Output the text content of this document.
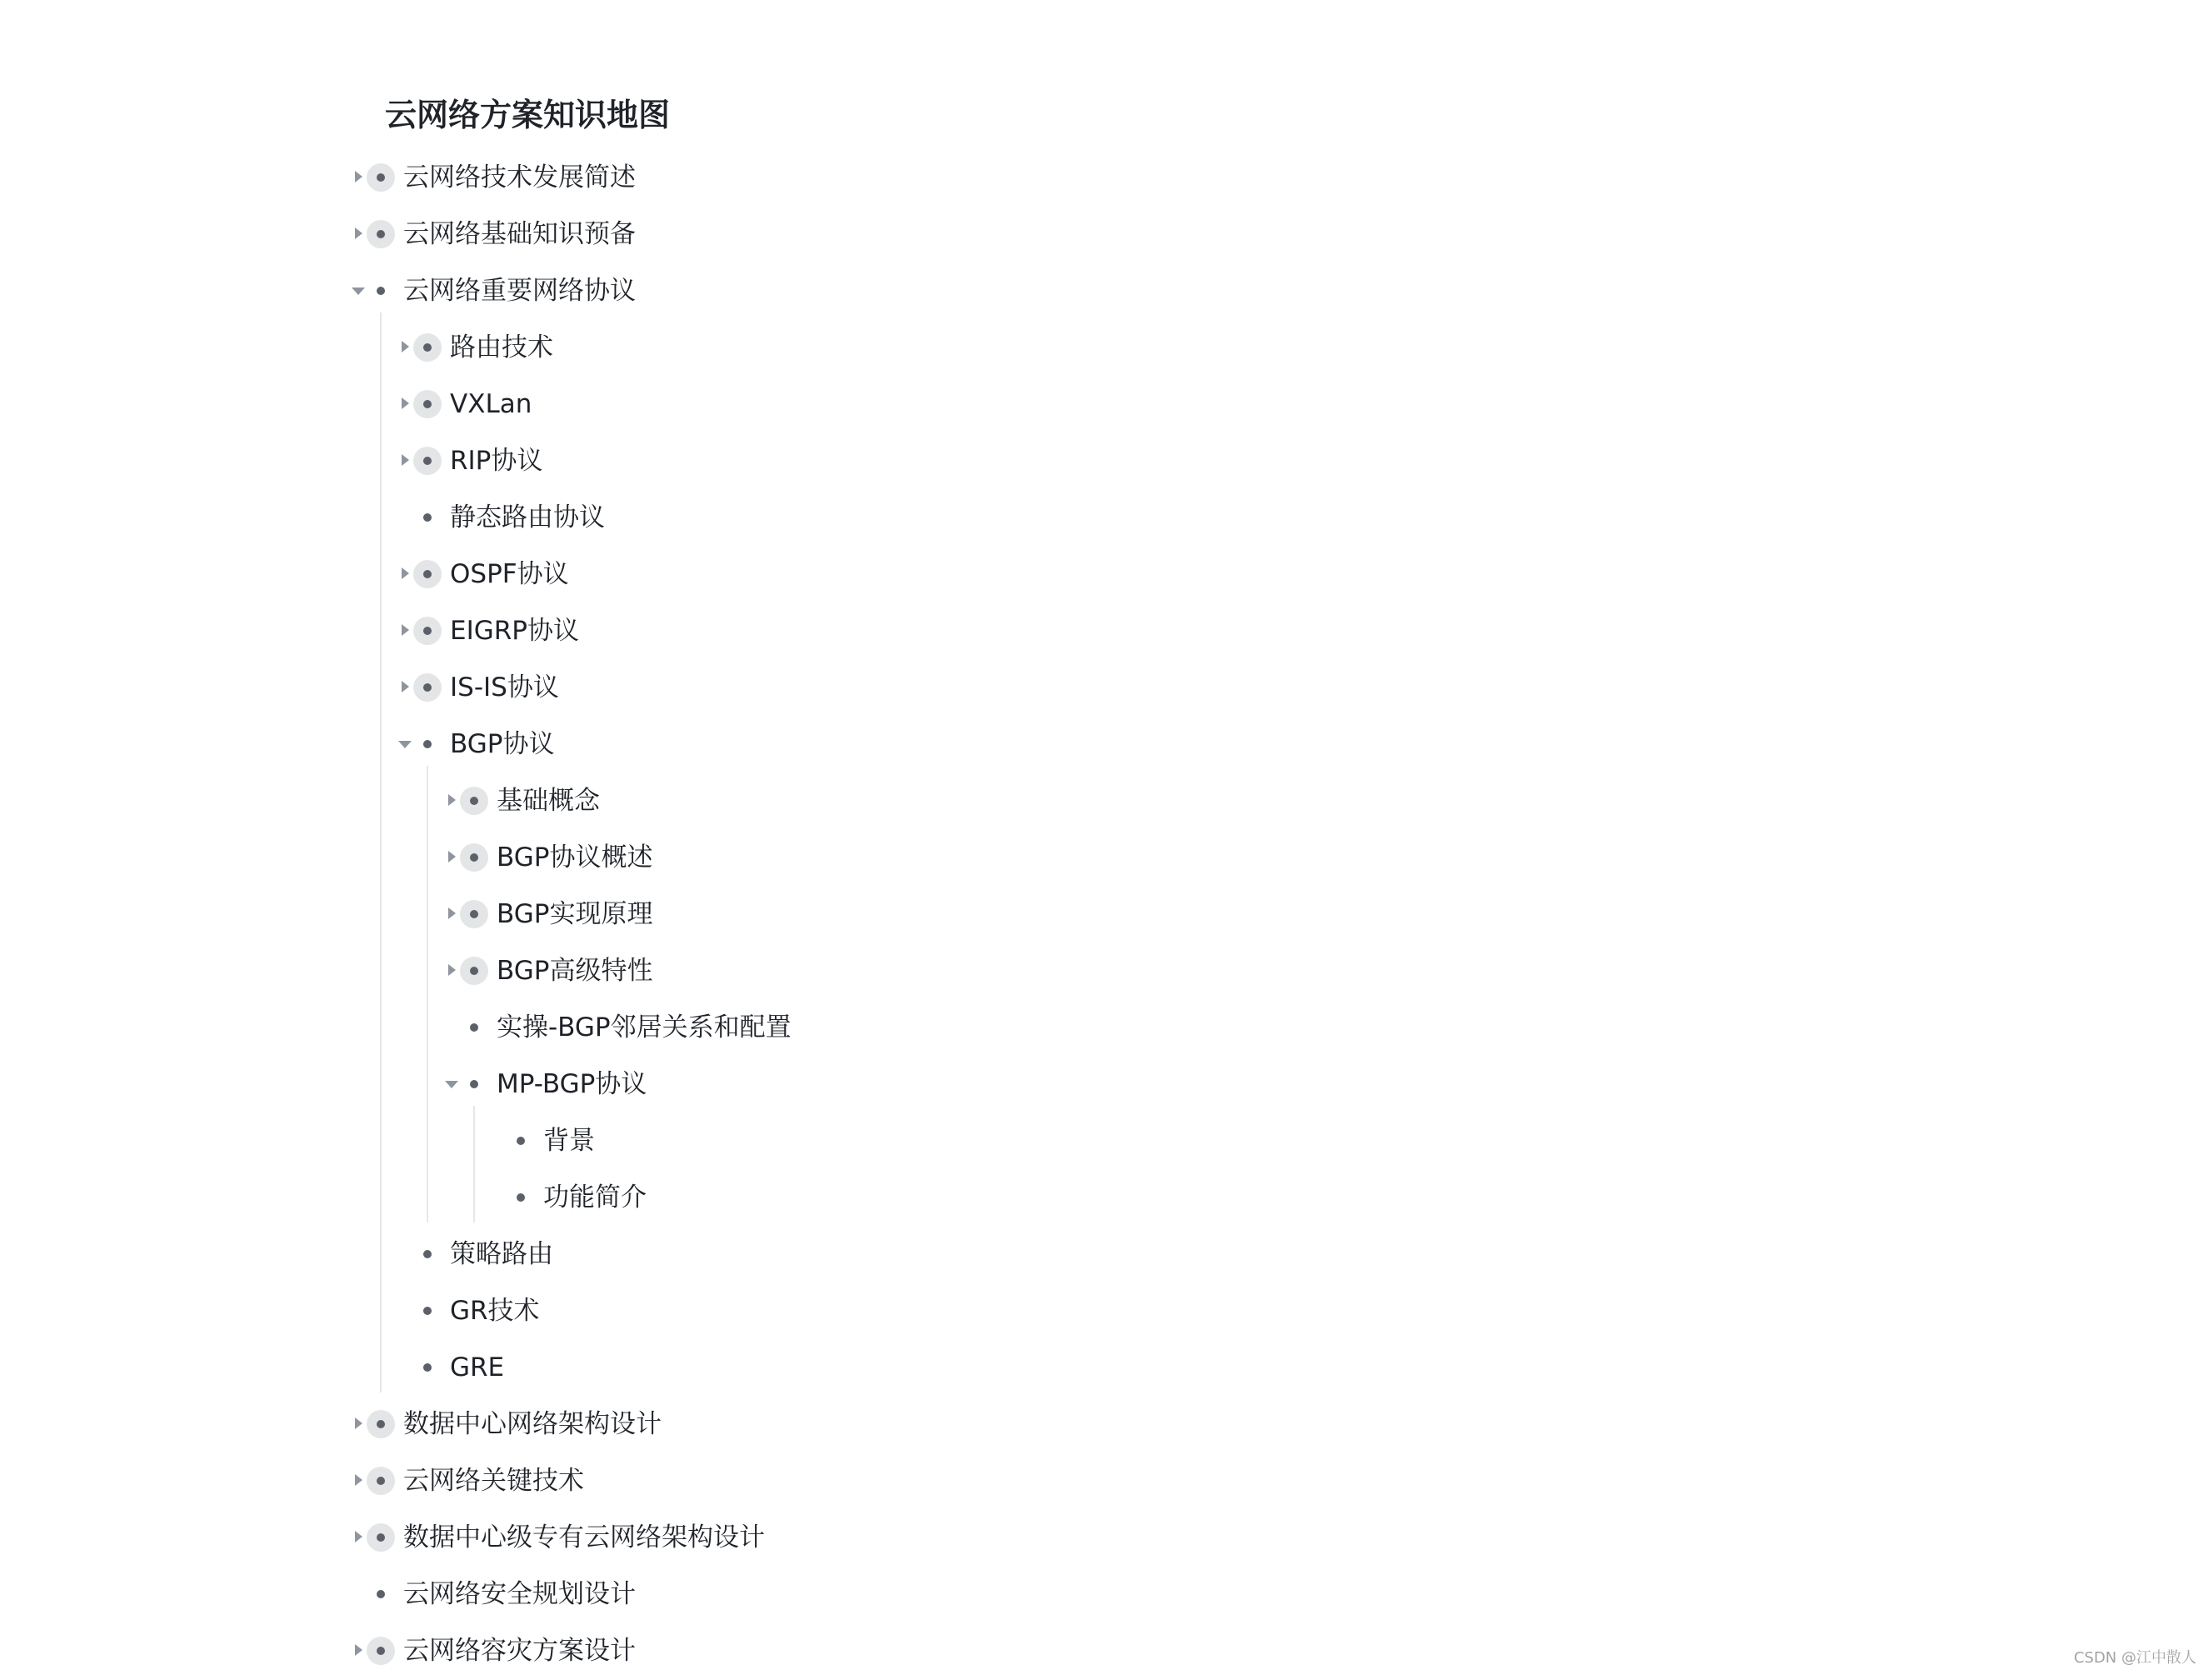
云网络方案知识地图
云网络技术发展简述
云网络基础知识预备
云网络重要网络协议
路由技术
VXLan
RIP协议
静态路由协议
OSPF协议
EIGRP协议
IS-IS协议
BGP协议
基础概念
BGP协议概述
BGP实现原理
BGP高级特性
实操-BGP邻居关系和配置
MP-BGP协议
背景
功能简介
策略路由
GR技术
GRE
数据中心网络架构设计
云网络关键技术
数据中心级专有云网络架构设计
云网络安全规划设计
云网络容灾方案设计	CSDN @江中散人
